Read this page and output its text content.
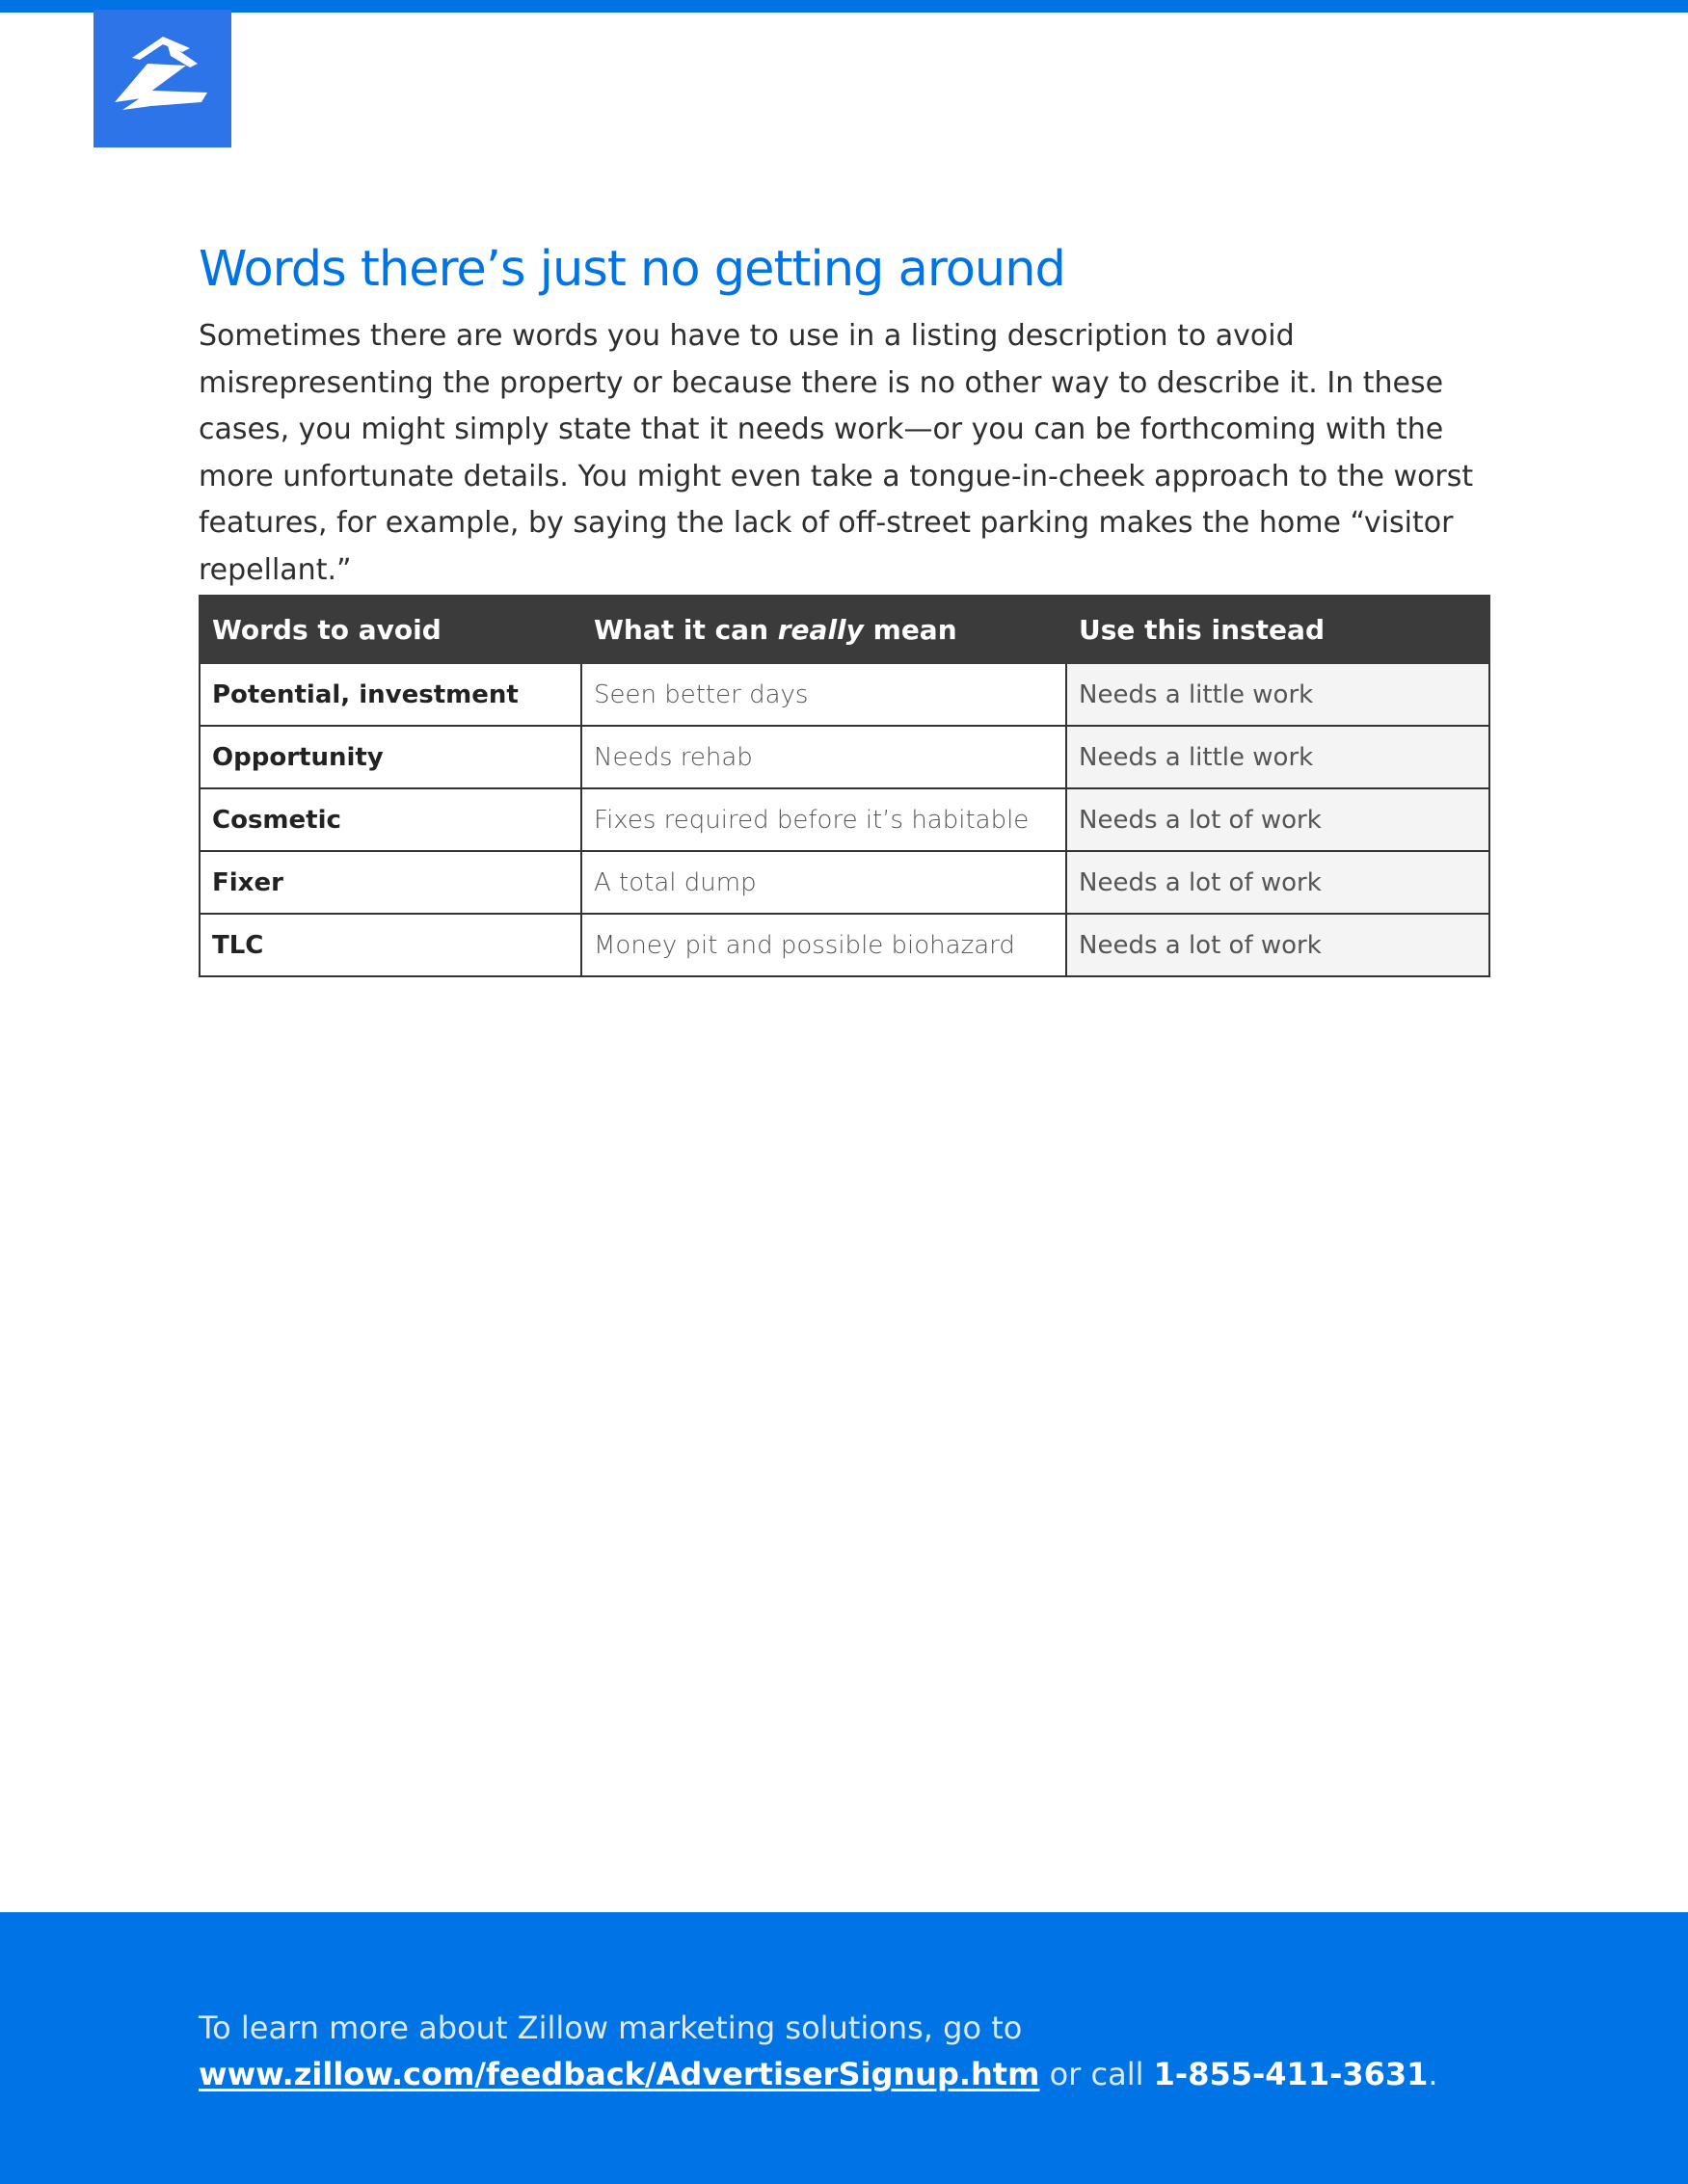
Words there’s just no getting around

Sometimes there are words you have to use in a listing description to avoid misrepresenting the property or because there is no other way to describe it. In these cases, you might simply state that it needs work—or you can be forthcoming with the more unfortunate details. You might even take a tongue-in-cheek approach to the worst features, for example, by saying the lack of off-street parking makes the home “visitor repellant.”

Words to avoid	What it can really mean	Use this instead
Potential, investment	Seen better days	Needs a little work
Opportunity	Needs rehab	Needs a little work
Cosmetic	Fixes required before it’s habitable	Needs a lot of work
Fixer	A total dump	Needs a lot of work
TLC	Money pit and possible biohazard	Needs a lot of work
To learn more about Zillow marketing solutions, go to
www.zillow.com/feedback/AdvertiserSignup.htm or call 1-855-411-3631.
